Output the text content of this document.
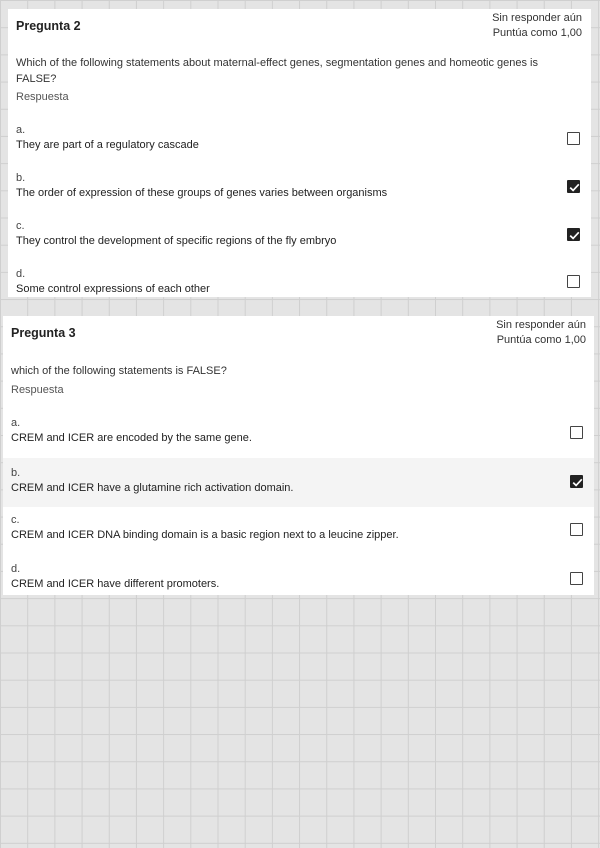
Pregunta 2
Sin responder aún
Puntúa como 1,00
Which of the following statements about maternal-effect genes, segmentation genes and homeotic genes is FALSE?
Respuesta
a.
They are part of a regulatory cascade
b.
The order of expression of these groups of genes varies between organisms
c.
They control the development of specific regions of the fly embryo
d.
Some control expressions of each other
Pregunta 3
Sin responder aún
Puntúa como 1,00
which of the following statements is FALSE?
Respuesta
a.
CREM and ICER are encoded by the same gene.
b.
CREM and ICER have a glutamine rich activation domain.
c.
CREM and ICER DNA binding domain is a basic region next to a leucine zipper.
d.
CREM and ICER have different promoters.
